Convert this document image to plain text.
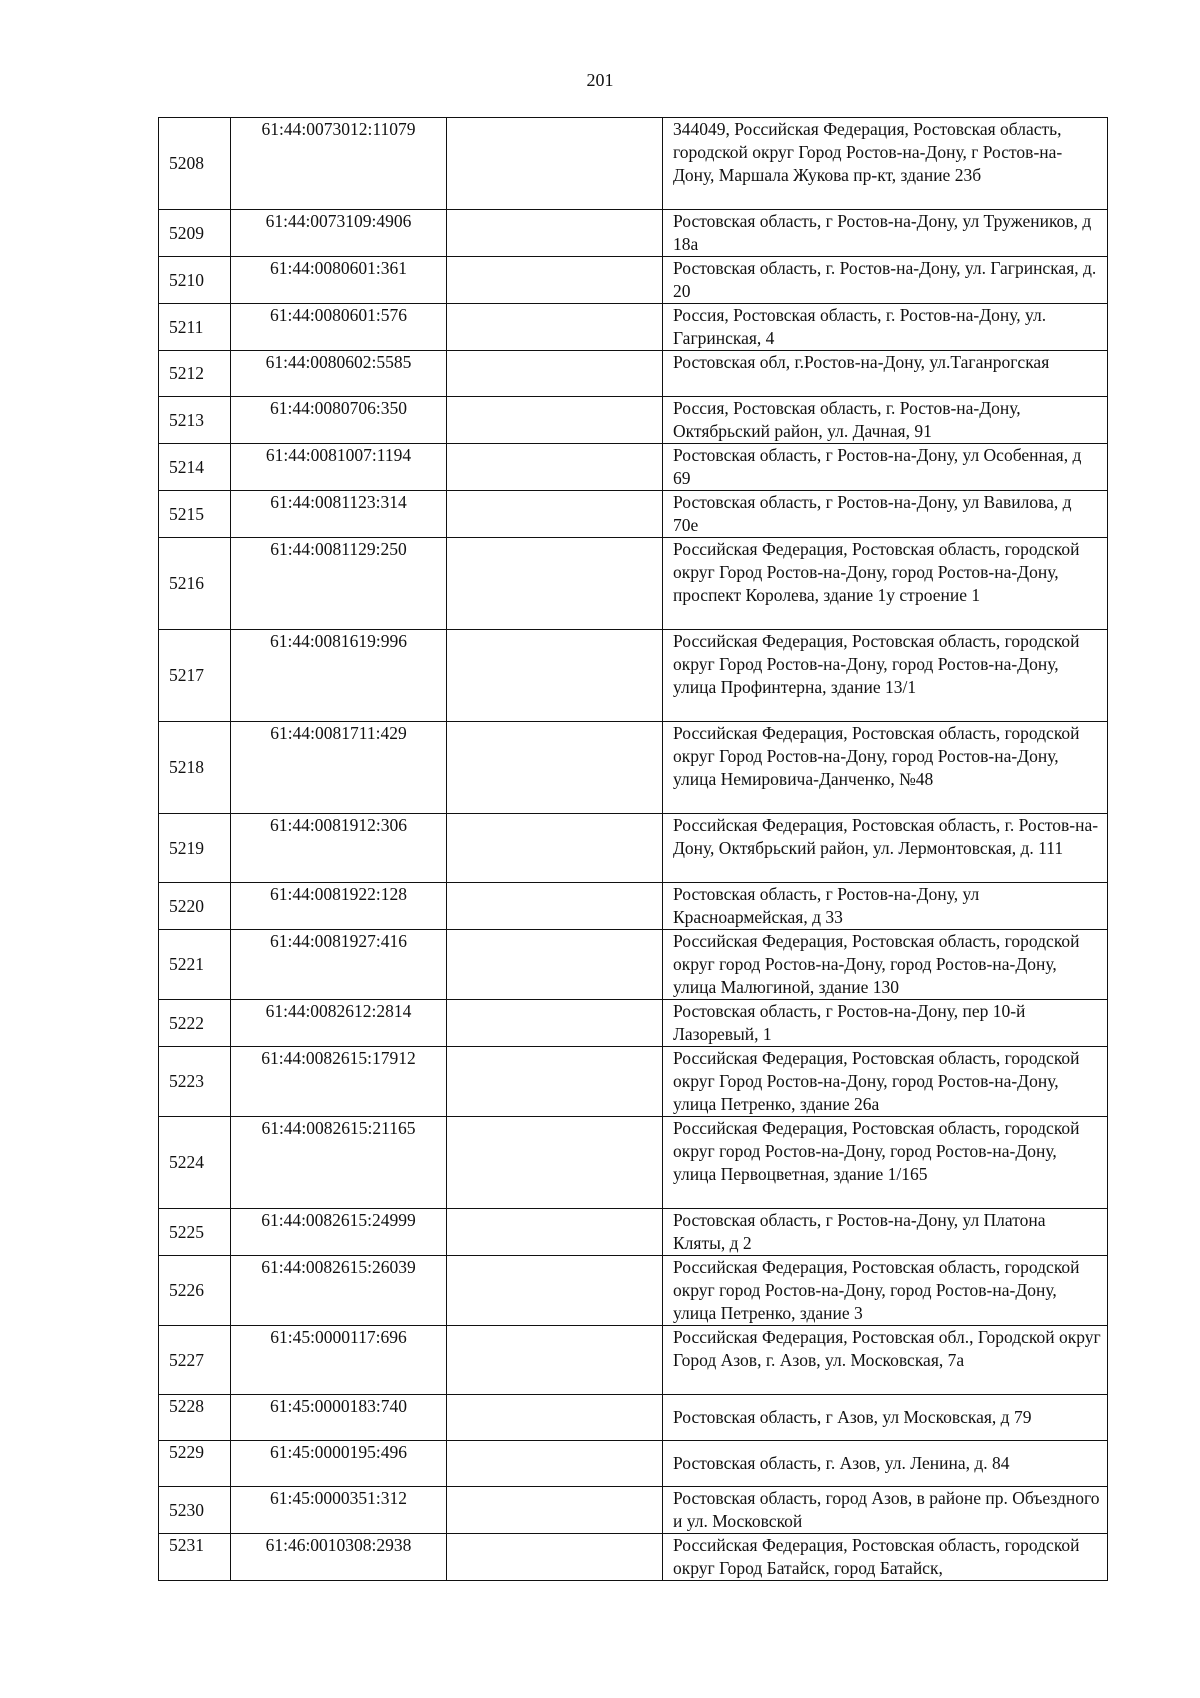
201
5208	61:44:0073012:11079		344049, Российская Федерация, Ростовская область, городской округ Город Ростов-на-Дону, г Ростов-на-Дону, Маршала Жукова пр-кт, здание 23б
5209	61:44:0073109:4906		Ростовская область, г Ростов-на-Дону, ул Тружеников, д 18а
5210	61:44:0080601:361		Ростовская область, г. Ростов-на-Дону, ул. Гагринская, д. 20
5211	61:44:0080601:576		Россия, Ростовская область, г. Ростов-на-Дону, ул. Гагринская, 4
5212	61:44:0080602:5585		Ростовская обл, г.Ростов-на-Дону, ул.Таганрогская
5213	61:44:0080706:350		Россия, Ростовская область, г. Ростов-на-Дону, Октябрьский район, ул. Дачная, 91
5214	61:44:0081007:1194		Ростовская область, г Ростов-на-Дону, ул Особенная, д 69
5215	61:44:0081123:314		Ростовская область, г Ростов-на-Дону, ул Вавилова, д 70е
5216	61:44:0081129:250		Российская Федерация, Ростовская область, городской округ Город Ростов-на-Дону, город Ростов-на-Дону, проспект Королева, здание 1у строение 1
5217	61:44:0081619:996		Российская Федерация, Ростовская область, городской округ Город Ростов-на-Дону, город Ростов-на-Дону, улица Профинтерна, здание 13/1
5218	61:44:0081711:429		Российская Федерация, Ростовская область, городской округ Город Ростов-на-Дону, город Ростов-на-Дону, улица Немировича-Данченко, №48
5219	61:44:0081912:306		Российская Федерация, Ростовская область, г. Ростов-на-Дону, Октябрьский район, ул. Лермонтовская, д. 111
5220	61:44:0081922:128		Ростовская область, г Ростов-на-Дону, ул Красноармейская, д 33
5221	61:44:0081927:416		Российская Федерация, Ростовская область, городской округ город Ростов-на-Дону, город Ростов-на-Дону, улица Малюгиной, здание 130
5222	61:44:0082612:2814		Ростовская область, г Ростов-на-Дону, пер 10-й Лазоревый, 1
5223	61:44:0082615:17912		Российская Федерация, Ростовская область, городской округ Город Ростов-на-Дону, город Ростов-на-Дону, улица Петренко, здание 26а
5224	61:44:0082615:21165		Российская Федерация, Ростовская область, городской округ город Ростов-на-Дону, город Ростов-на-Дону, улица Первоцветная, здание 1/165
5225	61:44:0082615:24999		Ростовская область, г Ростов-на-Дону, ул Платона Кляты, д 2
5226	61:44:0082615:26039		Российская Федерация, Ростовская область, городской округ город Ростов-на-Дону, город Ростов-на-Дону, улица Петренко, здание 3
5227	61:45:0000117:696		Российская Федерация, Ростовская обл., Городской округ Город Азов, г. Азов, ул. Московская, 7а
5228	61:45:0000183:740		Ростовская область, г Азов, ул Московская, д 79
5229	61:45:0000195:496		Ростовская область, г. Азов, ул. Ленина, д. 84
5230	61:45:0000351:312		Ростовская область, город Азов, в районе пр. Объездного и ул. Московской
5231	61:46:0010308:2938		Российская Федерация, Ростовская область, городской округ Город Батайск, город Батайск,
